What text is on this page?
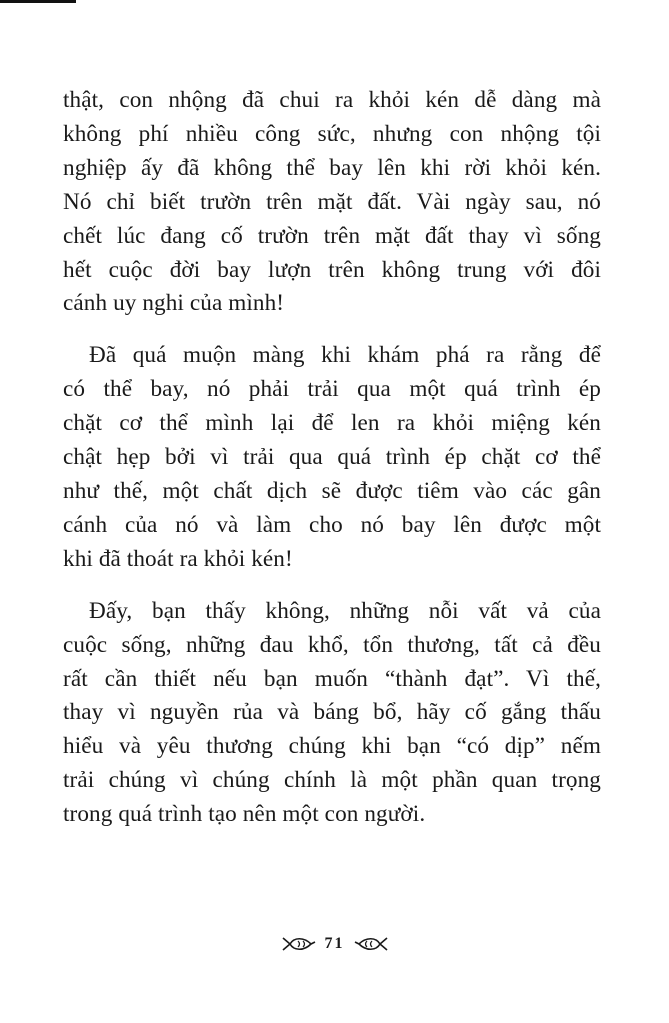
thật, con nhộng đã chui ra khỏi kén dễ dàng mà
không phí nhiều công sức, nhưng con nhộng tội
nghiệp ấy đã không thể bay lên khi rời khỏi kén.
Nó chỉ biết trườn trên mặt đất. Vài ngày sau, nó
chết lúc đang cố trườn trên mặt đất thay vì sống
hết cuộc đời bay lượn trên không trung với đôi
cánh uy nghi của mình!

Đã quá muộn màng khi khám phá ra rằng để
có thể bay, nó phải trải qua một quá trình ép
chặt cơ thể mình lại để len ra khỏi miệng kén
chật hẹp bởi vì trải qua quá trình ép chặt cơ thể
như thế, một chất dịch sẽ được tiêm vào các gân
cánh của nó và làm cho nó bay lên được một
khi đã thoát ra khỏi kén!

Đấy, bạn thấy không, những nỗi vất vả của
cuộc sống, những đau khổ, tổn thương, tất cả đều
rất cần thiết nếu bạn muốn “thành đạt”. Vì thế,
thay vì nguyền rủa và báng bổ, hãy cố gắng thấu
hiểu và yêu thương chúng khi bạn “có dịp” nếm
trải chúng vì chúng chính là một phần quan trọng
trong quá trình tạo nên một con người.

71
